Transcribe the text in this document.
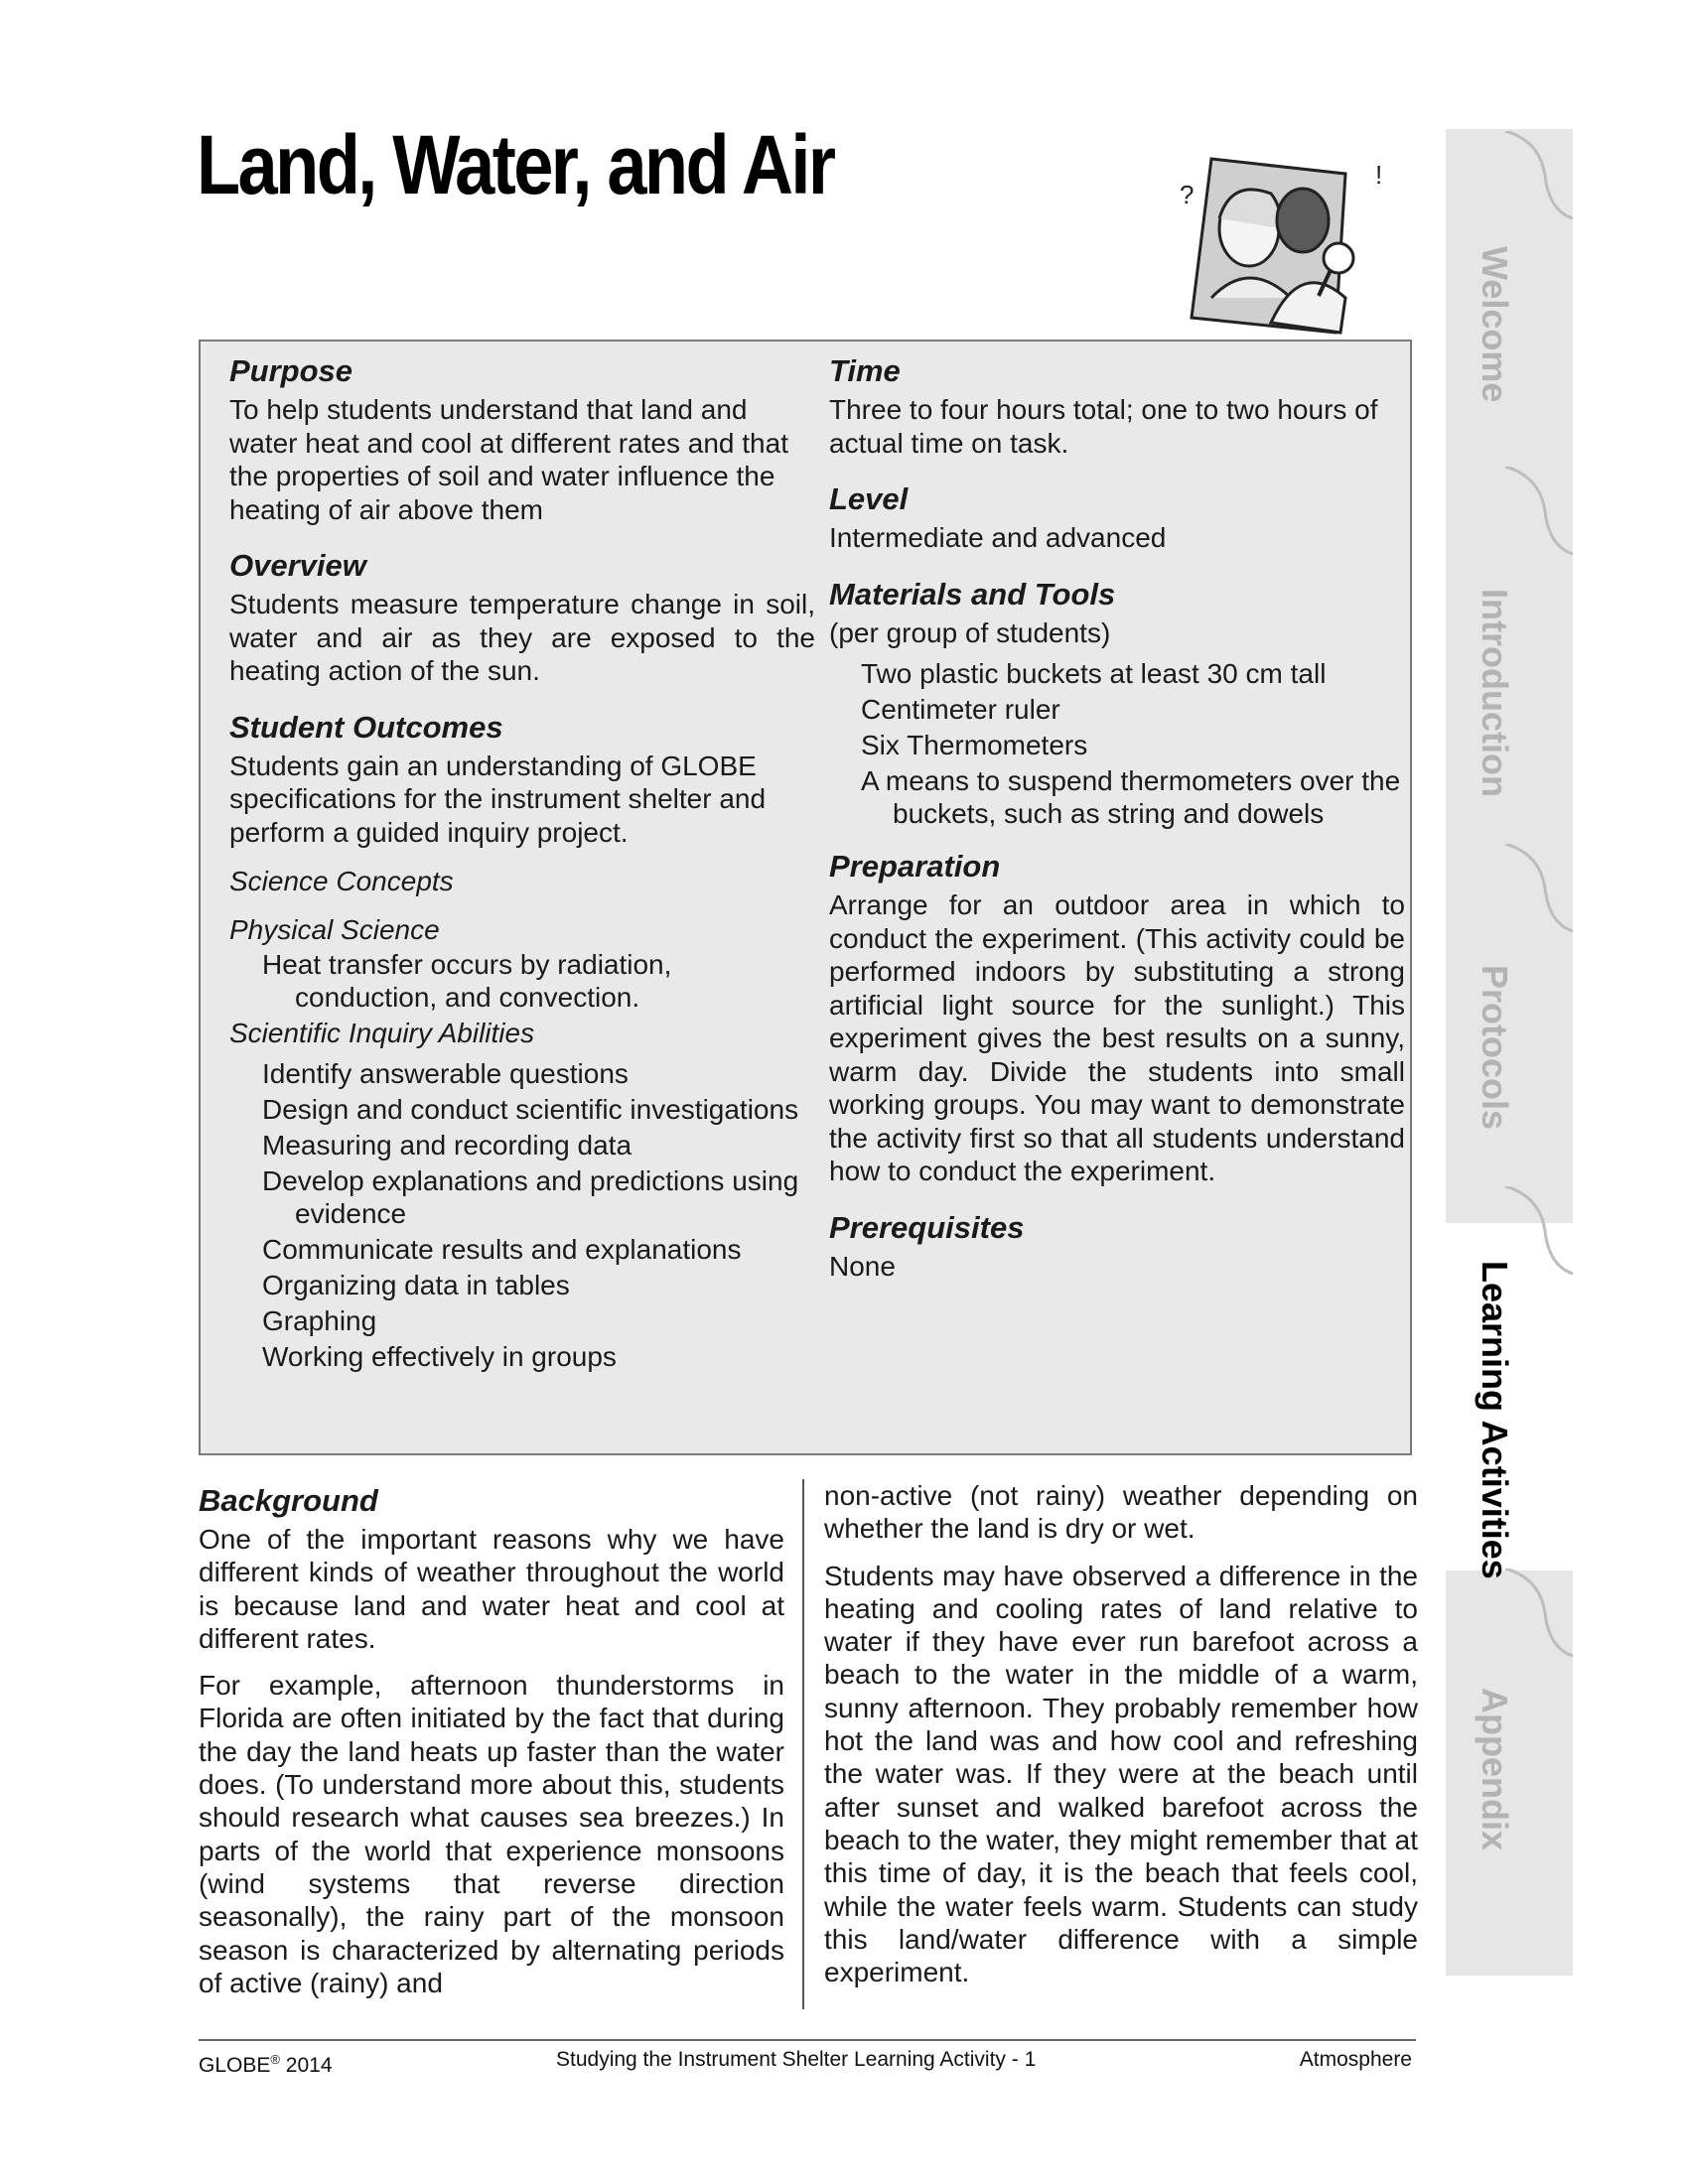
Land, Water, and Air	?
!

Purpose

To help students understand that land and water heat and cool at different rates and that the properties of soil and water influence the heating of air above them

Overview

Students measure temperature change in soil, water and air as they are exposed to the heating action of the sun.

Student Outcomes

Students gain an understanding of GLOBE specifications for the instrument shelter and perform a guided inquiry project.

Science Concepts

Physical Science

Heat transfer occurs by radiation, conduction, and convection.

Scientific Inquiry Abilities

Identify answerable questions
Design and conduct scientific investigations
Measuring and recording data
Develop explanations and predictions using evidence
Communicate results and explanations
Organizing data in tables
Graphing
Working effectively in groups

Time

Three to four hours total; one to two hours of actual time on task.

Level

Intermediate and advanced

Materials and Tools

(per group of students)

Two plastic buckets at least 30 cm tall
Centimeter ruler
Six Thermometers
A means to suspend thermometers over the buckets, such as string and dowels

Preparation

Arrange for an outdoor area in which to conduct the experiment. (This activity could be performed indoors by substituting a strong artificial light source for the sunlight.) This experiment gives the best results on a sunny, warm day. Divide the students into small working groups. You may want to demonstrate the activity first so that all students understand how to conduct the experiment.

Prerequisites

None

Background

One of the important reasons why we have different kinds of weather throughout the world is because land and water heat and cool at different rates.

For example, afternoon thunderstorms in Florida are often initiated by the fact that during the day the land heats up faster than the water does. (To understand more about this, students should research what causes sea breezes.) In parts of the world that experience monsoons (wind systems that reverse direction seasonally), the rainy part of the monsoon season is characterized by alternating periods of active (rainy) and

non-active (not rainy) weather depending on whether the land is dry or wet.

Students may have observed a difference in the heating and cooling rates of land relative to water if they have ever run barefoot across a beach to the water in the middle of a warm, sunny afternoon. They probably remember how hot the land was and how cool and refreshing the water was. If they were at the beach until after sunset and walked barefoot across the beach to the water, they might remember that at this time of day, it is the beach that feels cool, while the water feels warm. Students can study this land/water difference with a simple experiment.

GLOBE® 2014	Studying the Instrument Shelter Learning Activity - 1	Atmosphere
Welcome
Introduction
Protocols
Learning Activities
Appendix
